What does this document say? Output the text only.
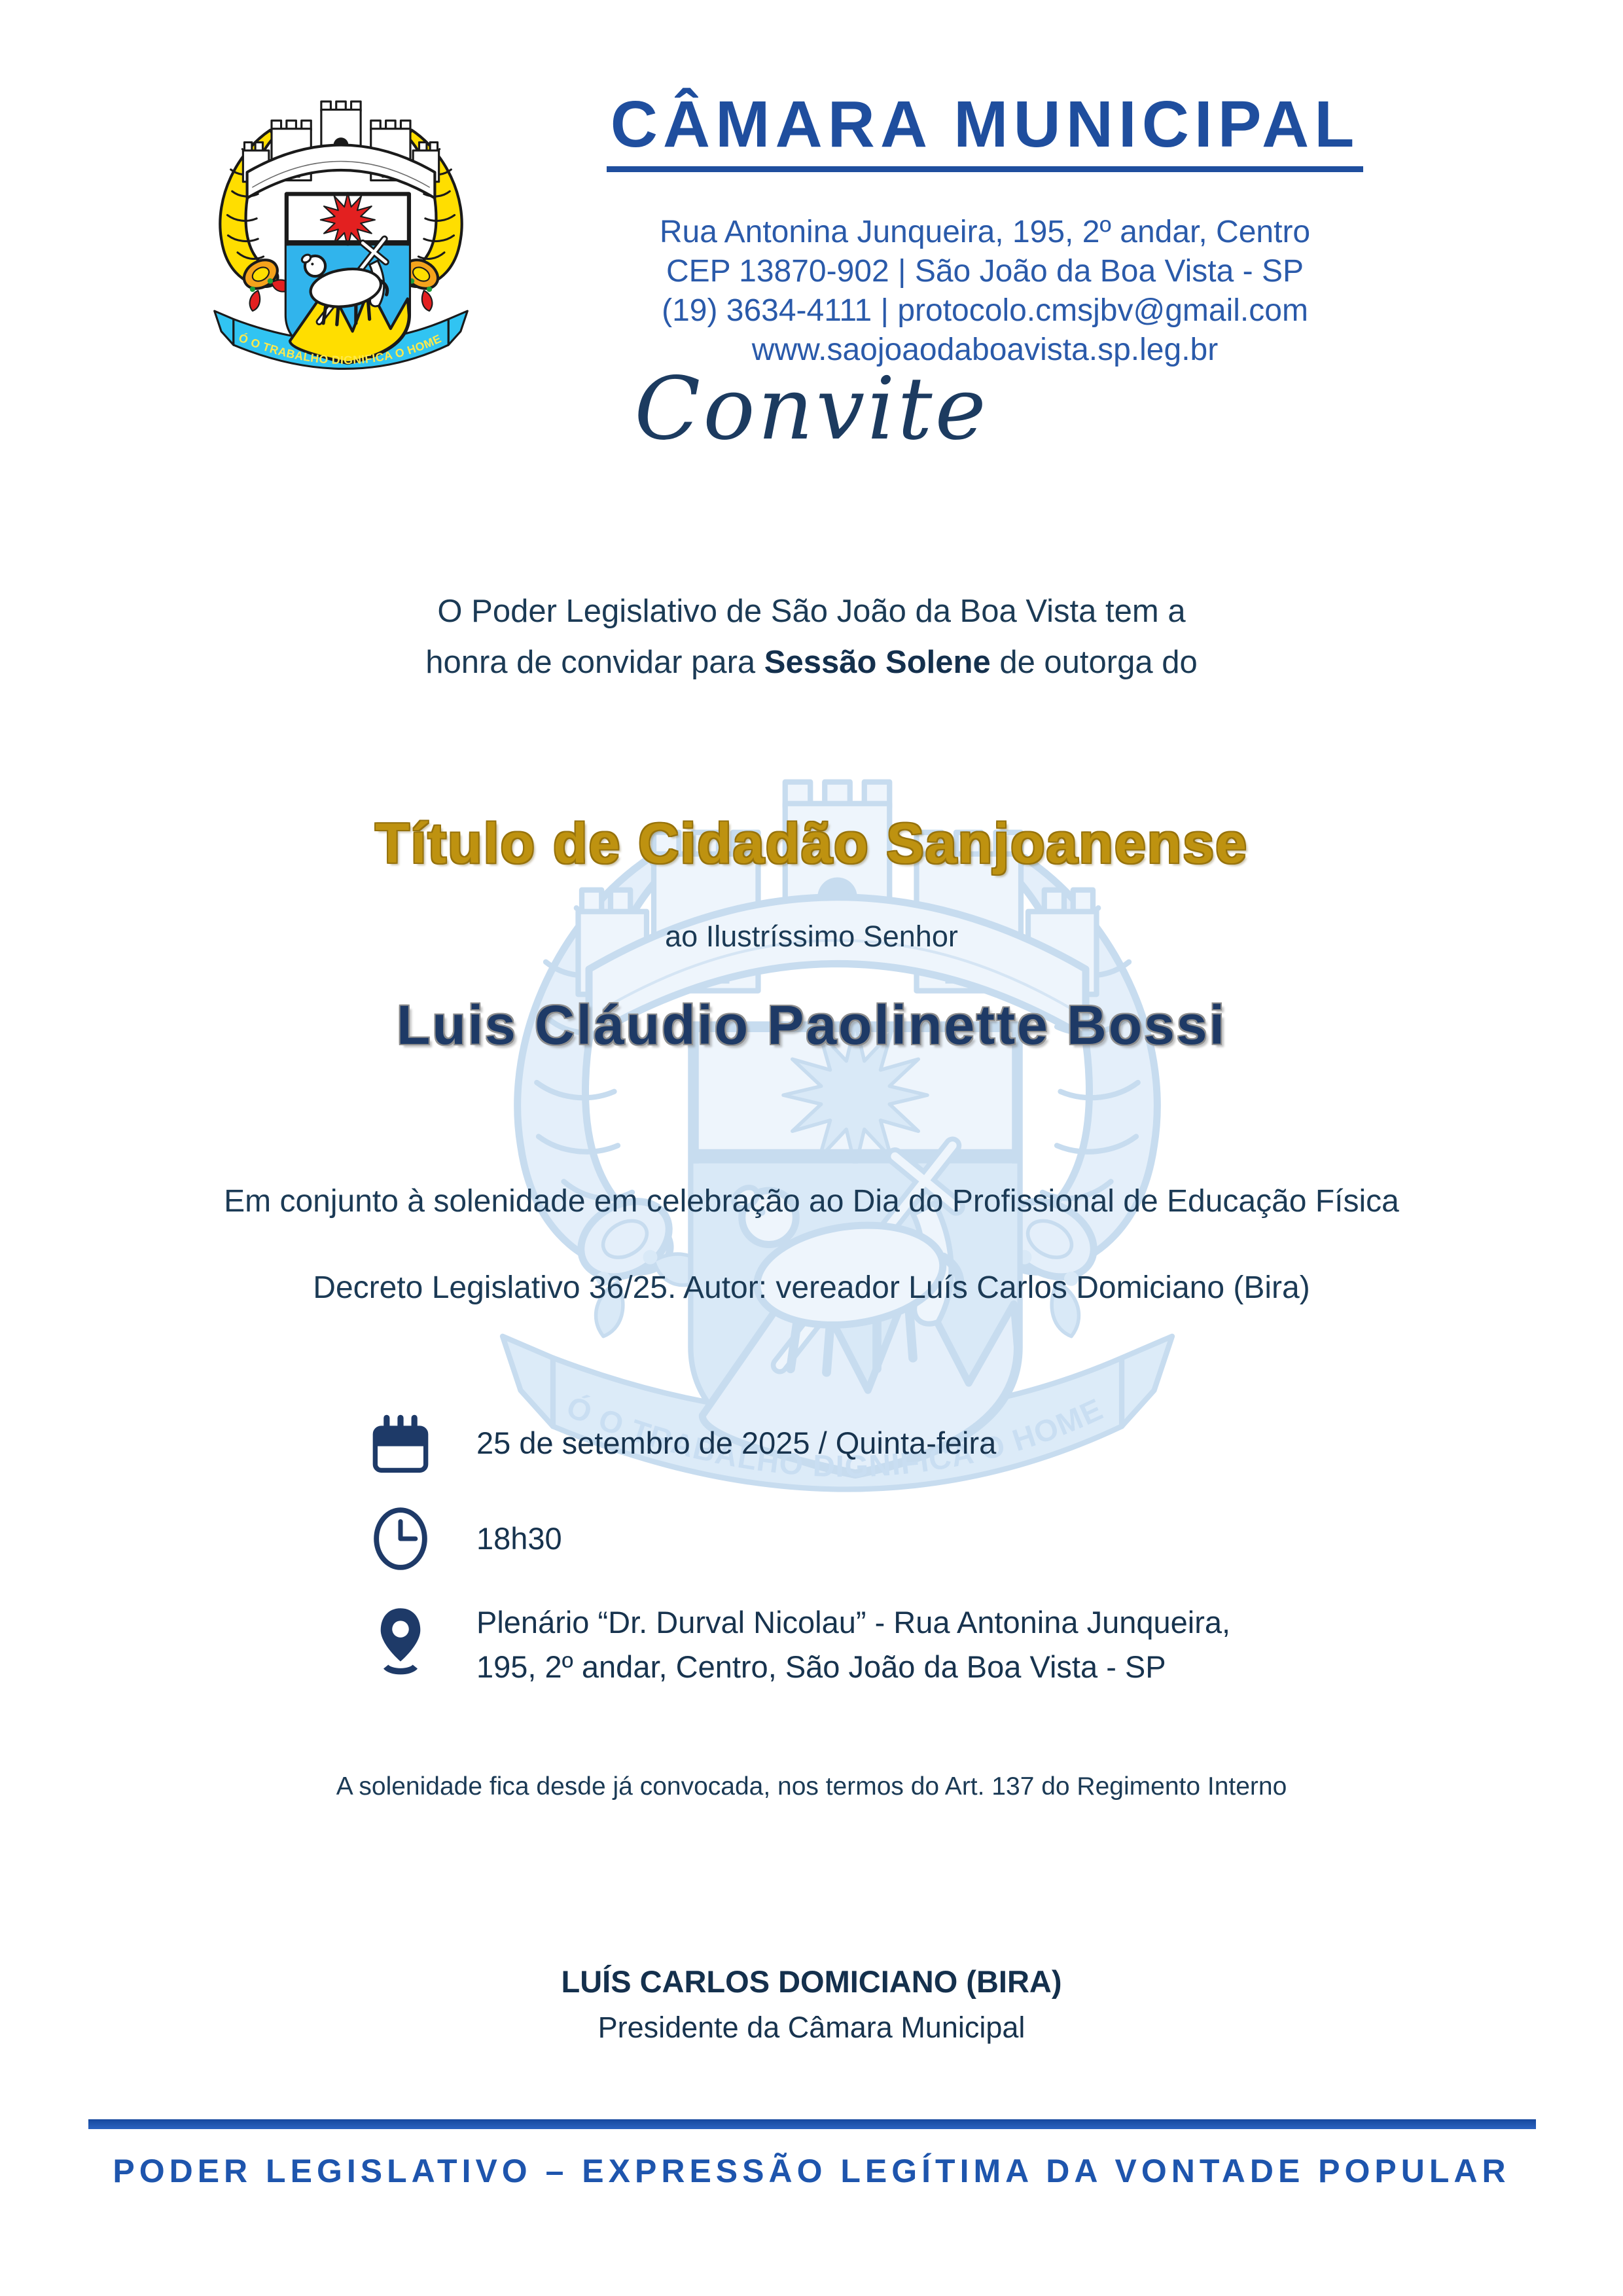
CÂMARA MUNICIPAL
Rua Antonina Junqueira, 195, 2º andar, Centro
CEP 13870-902 | São João da Boa Vista - SP
(19) 3634-4111 | protocolo.cmsjbv@gmail.com
www.saojoaodaboavista.sp.leg.br
Convite
O Poder Legislativo de São João da Boa Vista tem a
honra de convidar para Sessão Solene de outorga do
Título de Cidadão Sanjoanense
ao Ilustríssimo Senhor
Luis Cláudio Paolinette Bossi
Em conjunto à solenidade em celebração ao Dia do Profissional de Educação Física
Decreto Legislativo 36/25. Autor: vereador Luís Carlos Domiciano (Bira)
25 de setembro de 2025 / Quinta-feira
18h30
Plenário “Dr. Durval Nicolau” - Rua Antonina Junqueira,
195, 2º andar, Centro, São João da Boa Vista - SP
A solenidade fica desde já convocada, nos termos do Art. 137 do Regimento Interno
LUÍS CARLOS DOMICIANO (BIRA)
Presidente da Câmara Municipal
PODER LEGISLATIVO – EXPRESSÃO LEGÍTIMA DA VONTADE POPULAR
